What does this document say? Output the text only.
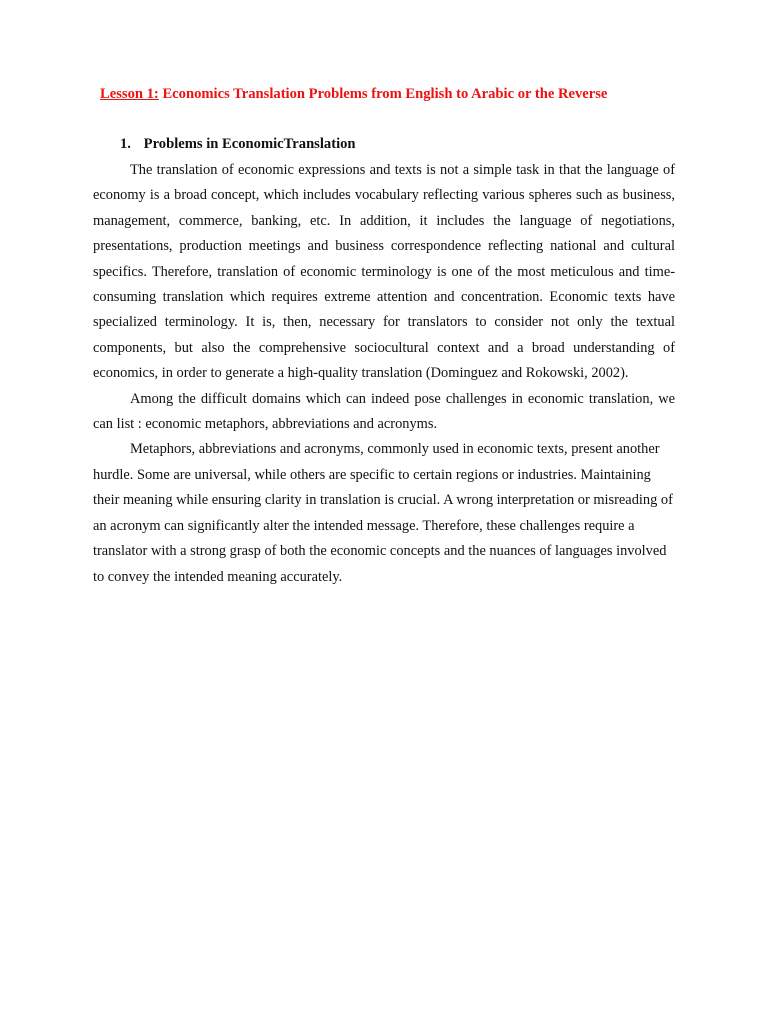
Lesson 1: Economics Translation Problems from English to Arabic or the Reverse
1. Problems in EconomicTranslation

The translation of economic expressions and texts is not a simple task in that the language of economy is a broad concept, which includes vocabulary reflecting various spheres such as business, management, commerce, banking, etc. In addition, it includes the language of negotiations, presentations, production meetings and business correspondence reflecting national and cultural specifics. Therefore, translation of economic terminology is one of the most meticulous and time-consuming translation which requires extreme attention and concentration. Economic texts have specialized terminology. It is, then, necessary for translators to consider not only the textual components, but also the comprehensive sociocultural context and a broad understanding of economics, in order to generate a high-quality translation (Dominguez and Rokowski, 2002).

Among the difficult domains which can indeed pose challenges in economic translation, we can list : economic metaphors, abbreviations and acronyms.

Metaphors, abbreviations and acronyms, commonly used in economic texts, present another hurdle. Some are universal, while others are specific to certain regions or industries. Maintaining their meaning while ensuring clarity in translation is crucial. A wrong interpretation or misreading of an acronym can significantly alter the intended message. Therefore, these challenges require a translator with a strong grasp of both the economic concepts and the nuances of languages involved to convey the intended meaning accurately.
